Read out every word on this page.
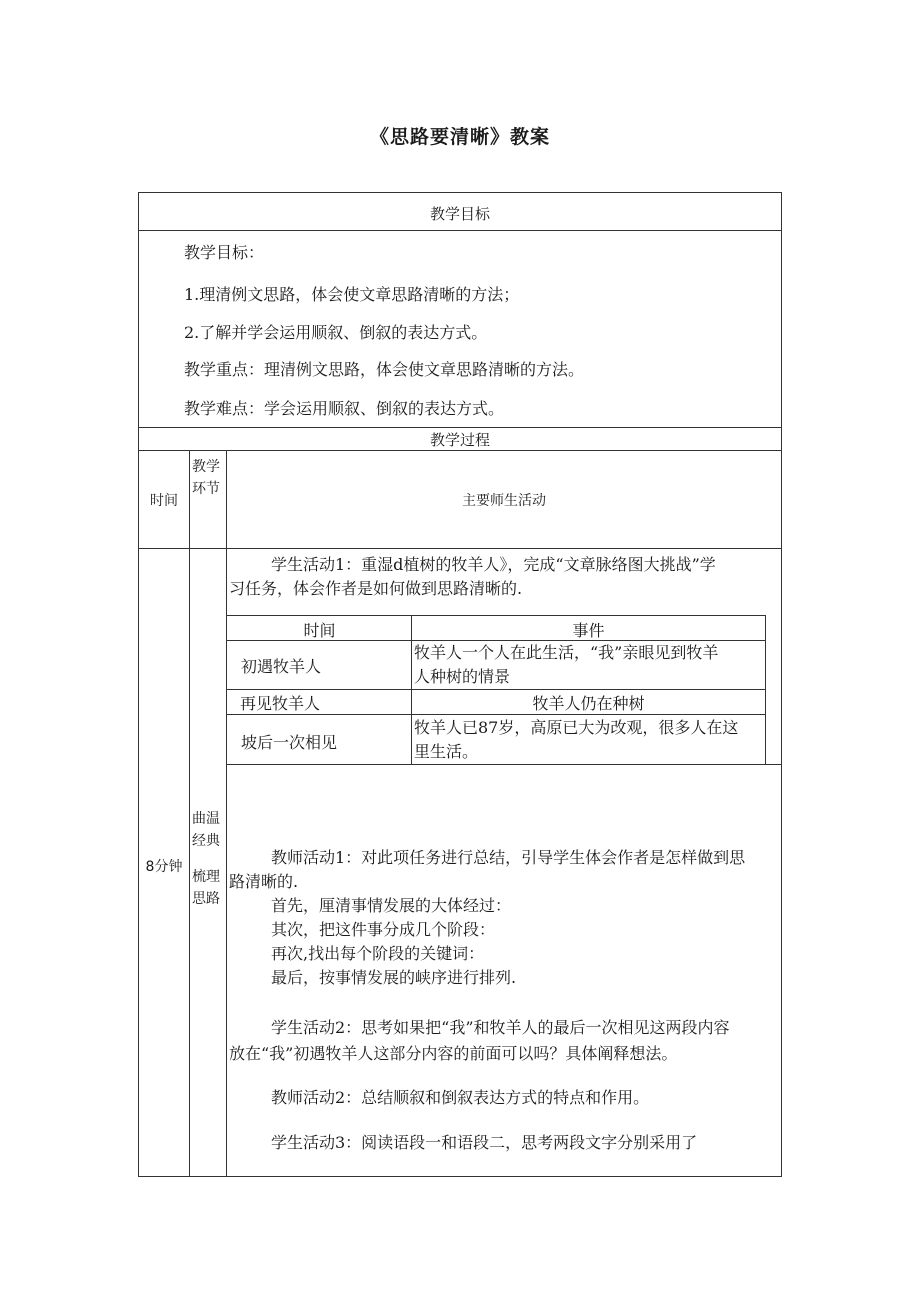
《思路要清晰》教案
教学目标
教学目标：
1.理清例文思路，体会使文章思路清晰的方法；
2.了解并学会运用顺叙、倒叙的表达方式。
教学重点：理清例文思路，体会使文章思路清晰的方法。
教学难点：学会运用顺叙、倒叙的表达方式。
教学过程
时间
教学
环节
主要师生活动
8分钟
曲温
经典
梳理
思路
学生活动1：重湿d植树的牧羊人》，完成“文章脉络图大挑战”学
习任务，体会作者是如何做到思路清晰的.
时间	事件
初遇牧羊人
牧羊人一个人在此生活，“我”亲眼见到牧羊
人种树的情景
再见牧羊人	牧羊人仍在种树
坡后一次相见
牧羊人已87岁，高原已大为改观，很多人在这
里生活。
教师活动1：对此项任务进行总结，引导学生体会作者是怎样做到思
路清晰的.
首先，厘清事情发展的大体经过：
其次，把这件事分成几个阶段：
再次,找出每个阶段的关键词：
最后，按事情发展的峡序进行排列.
学生活动2：思考如果把“我”和牧羊人的最后一次相见这两段内容
放在“我”初遇牧羊人这部分内容的前面可以吗？具体阐释想法。
教师活动2：总结顺叙和倒叙表达方式的特点和作用。
学生活动3：阅读语段一和语段二，思考两段文字分别采用了
